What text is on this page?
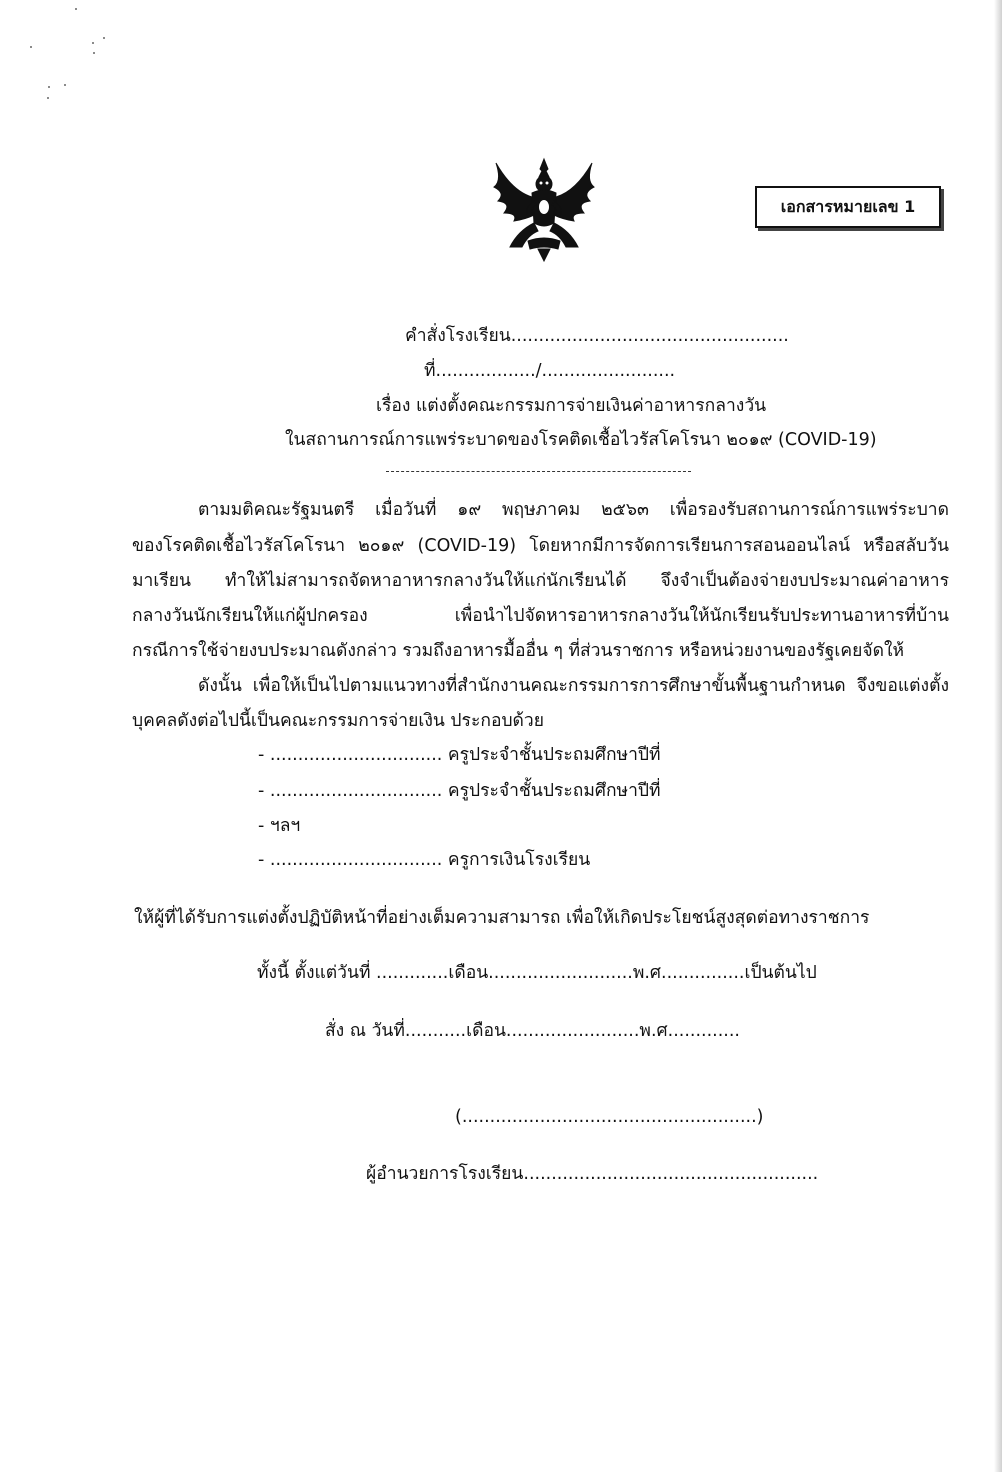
เอกสารหมายเลข 1
คำสั่งโรงเรียน..................................................
ที่................../........................
เรื่อง แต่งตั้งคณะกรรมการจ่ายเงินค่าอาหารกลางวัน
ในสถานการณ์การแพร่ระบาดของโรคติดเชื้อไวรัสโคโรนา ๒๐๑๙ (COVID-19)
ตามมติคณะรัฐมนตรี เมื่อวันที่ ๑๙ พฤษภาคม ๒๕๖๓ เพื่อรองรับสถานการณ์การแพร่ระบาด
ของโรคติดเชื้อไวรัสโคโรนา ๒๐๑๙ (COVID-19) โดยหากมีการจัดการเรียนการสอนออนไลน์ หรือสลับวัน
มาเรียน ทำให้ไม่สามารถจัดหาอาหารกลางวันให้แก่นักเรียนได้ จึงจำเป็นต้องจ่ายงบประมาณค่าอาหาร
กลางวันนักเรียนให้แก่ผู้ปกครอง เพื่อนำไปจัดหารอาหารกลางวันให้นักเรียนรับประทานอาหารที่บ้าน
กรณีการใช้จ่ายงบประมาณดังกล่าว รวมถึงอาหารมื้ออื่น ๆ ที่ส่วนราชการ หรือหน่วยงานของรัฐเคยจัดให้
ดังนั้น เพื่อให้เป็นไปตามแนวทางที่สำนักงานคณะกรรมการการศึกษาขั้นพื้นฐานกำหนด จึงขอแต่งตั้ง
บุคคลดังต่อไปนี้เป็นคณะกรรมการจ่ายเงิน ประกอบด้วย
- ............................... ครูประจำชั้นประถมศึกษาปีที่
- ............................... ครูประจำชั้นประถมศึกษาปีที่
- ฯลฯ
- ............................... ครูการเงินโรงเรียน
ให้ผู้ที่ได้รับการแต่งตั้งปฏิบัติหน้าที่อย่างเต็มความสามารถ เพื่อให้เกิดประโยชน์สูงสุดต่อทางราชการ
ทั้งนี้ ตั้งแต่วันที่ .............เดือน..........................พ.ศ...............เป็นต้นไป
สั่ง ณ วันที่...........เดือน........................พ.ศ.............
(.....................................................)
ผู้อำนวยการโรงเรียน.....................................................
